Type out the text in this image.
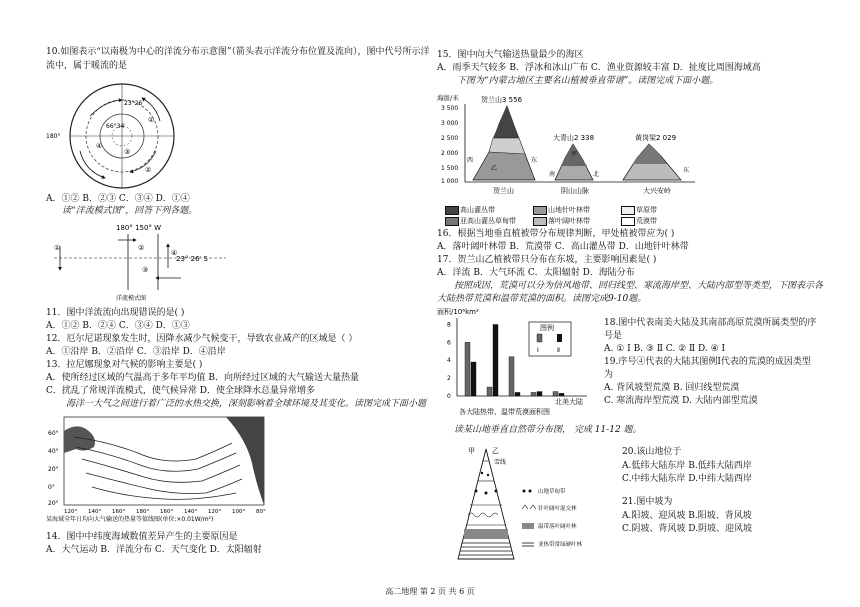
10.如图表示“以南极为中心的洋流分布示意图”（箭头表示洋流分布位置及流向），图中代号所示洋
流中，属于暖流的是
23°26′
66°34′
180°
①
②
③
④
A．①② B．②③ C．③④ D．①④
读“洋流模式图”，回答下列各题。
180° 150° W
23° 26′ S
①	②
③
④
洋流模式图
11．图中洋流流向出现错误的是( )
A．①② B．②④ C．③④ D．①③
12．厄尔尼诺现象发生时，因降水减少气候变干，导致农业减产的区域是（ ）
A．①沿岸 B．②沿岸 C．③沿岸 D．④沿岸
13．拉尼娜现象对气候的影响主要是( )
A．使所经过区域的气温高于多年平均值 B．向所经过区域的大气输送大量热量
C．扰乱了常规洋流模式，使气候异常 D．使全球降水总量异常增多
海洋一大气之间进行着广泛的水热交换，深刻影响着全球环境及其变化。读图完成下面小题
60°
40°
20°
0°
20°
120° 140° 160° 180° 160° 140° 120° 100° 80°
某海域全年日均向大气输送的热量等值线图(单位:×0.01W/m²)
14．图中中纬度海域数值差异产生的主要原因是
A．大气运动 B．洋流分布 C．天气变化 D．太阳辐射
15．图中向大气输送热量最少的海区
A．雨季天气较多 B．浮冰和冰山广布 C．渔业资源较丰富 D．扯度比周围海域高
下图为“内蒙古地区主要名山植被垂直带谱”。读图完成下面小题。
海拔/米
3 500
3 000
2 500
2 000
1 500
1 000
贺兰山3 556
大青山2 338	黄岗梁2 029
西	东
南	北
东
甲
乙
贺兰山	阴山山脉	大兴安岭
高山灌丛带	山地针叶林带	草原带
亚高山灌丛草甸带	落叶阔叶林带	荒漠带
16．根据当地垂直植被带分布规律判断，甲处植被带应为( )
A．落叶阔叶林带 B．荒漠带 C．高山灌丛带 D．山地针叶林带
17．贺兰山乙植被带只分布在东坡，主要影响因素是( )
A．洋流 B．大气环流 C．太阳辐射 D．海陆分布
按照成因，荒漠可以分为信风地带、回归线型、寒流海岸型、大陆内部型等类型，下图表示各
大陆热带荒漠和温带荒漠的面积。读图完成9-10题。
面积/10⁶km²
8
6
4
2
0
图例
Ⅰ	Ⅱ
北美大陆
各大陆热带、温带荒漠面积图
18.图中代表南美大陆及其南部高原荒漠所属类型的序
号是
A. ① Ⅰ B. ③ Ⅱ C. ② Ⅱ D. ④ Ⅰ
19.序号④代表的大陆其图例Ⅰ代表的荒漠的成因类型
为
A. 背风坡型荒漠 B. 回归线型荒漠
C. 寒流海岸型荒漠 D. 大陆内部型荒漠
读某山地垂直自然带分布图， 完成 11-12 题。
甲 乙
雪线
山地草甸带
针叶阔叶混交林
温带落叶阔叶林
亚热带常绿硬叶林
20.该山地位于
A.低纬大陆东岸 B.低纬大陆西岸
C.中纬大陆东岸 D.中纬大陆西岸
21.图中坡为
A.阳坡、迎风坡 B.阳坡、背风坡
C.阴坡、背风坡 D.阴坡、迎风坡
高二地理 第 2 页 共 6 页
